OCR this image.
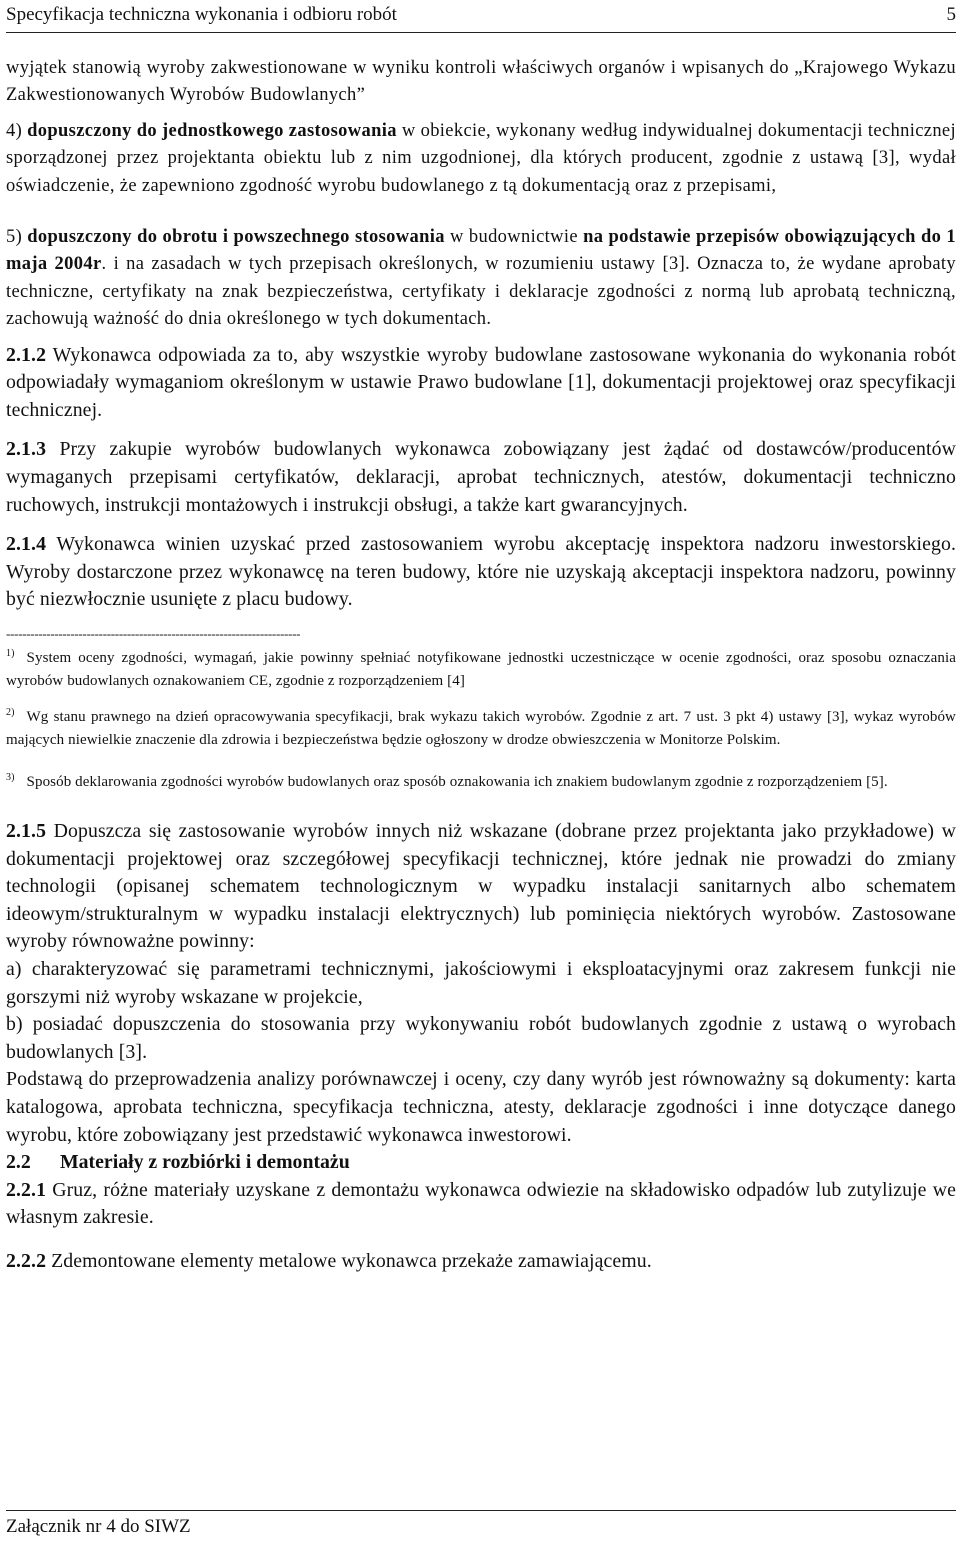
Specyfikacja techniczna wykonania i odbioru robót	5

wyjątek stanowią wyroby zakwestionowane w wyniku kontroli właściwych organów i wpisanych do „Krajowego Wykazu Zakwestionowanych Wyrobów Budowlanych”

4) dopuszczony do jednostkowego zastosowania w obiekcie, wykonany według indywidualnej dokumentacji technicznej sporządzonej przez projektanta obiektu lub z nim uzgodnionej, dla których producent, zgodnie z ustawą [3], wydał oświadczenie, że zapewniono zgodność wyrobu budowlanego z tą dokumentacją oraz z przepisami,

5) dopuszczony do obrotu i powszechnego stosowania w budownictwie na podstawie przepisów obowiązujących do 1 maja 2004r. i na zasadach w tych przepisach określonych, w rozumieniu ustawy [3]. Oznacza to, że wydane aprobaty techniczne, certyfikaty na znak bezpieczeństwa, certyfikaty i deklaracje zgodności z normą lub aprobatą techniczną, zachowują ważność do dnia określonego w tych dokumentach.

2.1.2 Wykonawca odpowiada za to, aby wszystkie wyroby budowlane zastosowane wykonania do wykonania robót odpowiadały wymaganiom określonym w ustawie Prawo budowlane [1], dokumentacji projektowej oraz specyfikacji technicznej.

2.1.3 Przy zakupie wyrobów budowlanych wykonawca zobowiązany jest żądać od dostawców/producentów wymaganych przepisami certyfikatów, deklaracji, aprobat technicznych, atestów, dokumentacji techniczno ruchowych, instrukcji montażowych i instrukcji obsługi, a także kart gwarancyjnych.

2.1.4 Wykonawca winien uzyskać przed zastosowaniem wyrobu akceptację inspektora nadzoru inwestorskiego. Wyroby dostarczone przez wykonawcę na teren budowy, które nie uzyskają akceptacji inspektora nadzoru, powinny być niezwłocznie usunięte z placu budowy.

-------------------------------------------------------------------------

$^{1)}$ System oceny zgodności, wymagań, jakie powinny spełniać notyfikowane jednostki uczestniczące w ocenie zgodności, oraz sposobu oznaczania wyrobów budowlanych oznakowaniem CE, zgodnie z rozporządzeniem [4]

$^{2)}$ Wg stanu prawnego na dzień opracowywania specyfikacji, brak wykazu takich wyrobów. Zgodnie z art. 7 ust. 3 pkt 4) ustawy [3], wykaz wyrobów mających niewielkie znaczenie dla zdrowia i bezpieczeństwa będzie ogłoszony w drodze obwieszczenia w Monitorze Polskim.

$^{3)}$ Sposób deklarowania zgodności wyrobów budowlanych oraz sposób oznakowania ich znakiem budowlanym zgodnie z rozporządzeniem [5].

2.1.5 Dopuszcza się zastosowanie wyrobów innych niż wskazane (dobrane przez projektanta jako przykładowe) w dokumentacji projektowej oraz szczegółowej specyfikacji technicznej, które jednak nie prowadzi do zmiany technologii (opisanej schematem technologicznym w wypadku instalacji sanitarnych albo schematem ideowym/strukturalnym w wypadku instalacji elektrycznych) lub pominięcia niektórych wyrobów. Zastosowane wyroby równoważne powinny:

a) charakteryzować się parametrami technicznymi, jakościowymi i eksploatacyjnymi oraz zakresem funkcji nie gorszymi niż wyroby wskazane w projekcie,

b) posiadać dopuszczenia do stosowania przy wykonywaniu robót budowlanych zgodnie z ustawą o wyrobach budowlanych [3].

Podstawą do przeprowadzenia analizy porównawczej i oceny, czy dany wyrób jest równoważny są dokumenty: karta katalogowa, aprobata techniczna, specyfikacja techniczna, atesty, deklaracje zgodności i inne dotyczące danego wyrobu, które zobowiązany jest przedstawić wykonawca inwestorowi.

2.2 Materiały z rozbiórki i demontażu

2.2.1 Gruz, różne materiały uzyskane z demontażu wykonawca odwiezie na składowisko odpadów lub zutylizuje we własnym zakresie.

2.2.2 Zdemontowane elementy metalowe wykonawca przekaże zamawiającemu.

Załącznik nr 4 do SIWZ
